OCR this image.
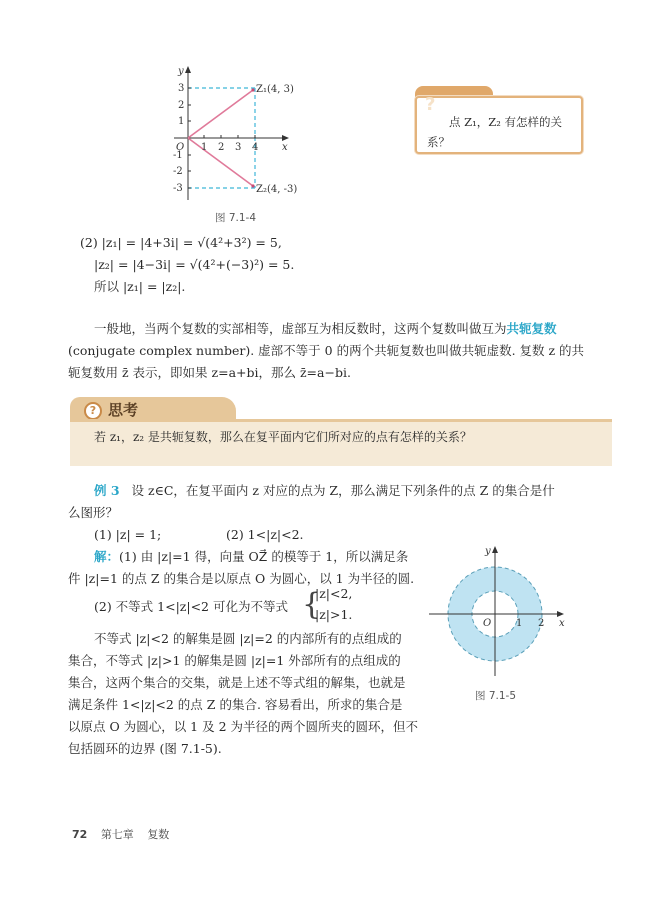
y
3
2
1
-1
-2
-3
O 1 2 3 4 x
Z₁(4, 3)
Z₂(4, -3)
图 7.1-4
?
点 Z₁，Z₂ 有怎样的关系？
(2) |z₁| = |4+3i| = √(4²+3²) = 5,
|z₂| = |4−3i| = √(4²+(−3)²) = 5.
所以 |z₁| = |z₂|.
一般地，当两个复数的实部相等，虚部互为相反数时，这两个复数叫做互为共轭复数
(conjugate complex number). 虚部不等于 0 的两个共轭复数也叫做共轭虚数. 复数 z 的共
轭复数用 z̄ 表示，即如果 z=a+bi，那么 z̄=a−bi.
? 思考
若 z₁，z₂ 是共轭复数，那么在复平面内它们所对应的点有怎样的关系？
例 3 设 z∈C，在复平面内 z 对应的点为 Z，那么满足下列条件的点 Z 的集合是什
么图形？
(1) |z| = 1;	(2) 1<|z|<2.
解：(1) 由 |z|=1 得，向量 OZ⃗ 的模等于 1，所以满足条
件 |z|=1 的点 Z 的集合是以原点 O 为圆心，以 1 为半径的圆.
(2) 不等式 1<|z|<2 可化为不等式 {
|z|<2,
|z|>1.
不等式 |z|<2 的解集是圆 |z|=2 的内部所有的点组成的
集合，不等式 |z|>1 的解集是圆 |z|=1 外部所有的点组成的
集合，这两个集合的交集，就是上述不等式组的解集，也就是
满足条件 1<|z|<2 的点 Z 的集合. 容易看出，所求的集合是
以原点 O 为圆心，以 1 及 2 为半径的两个圆所夹的圆环，但不
包括圆环的边界 (图 7.1-5).
y
O 1 2 x
图 7.1-5
72 第七章 复数
